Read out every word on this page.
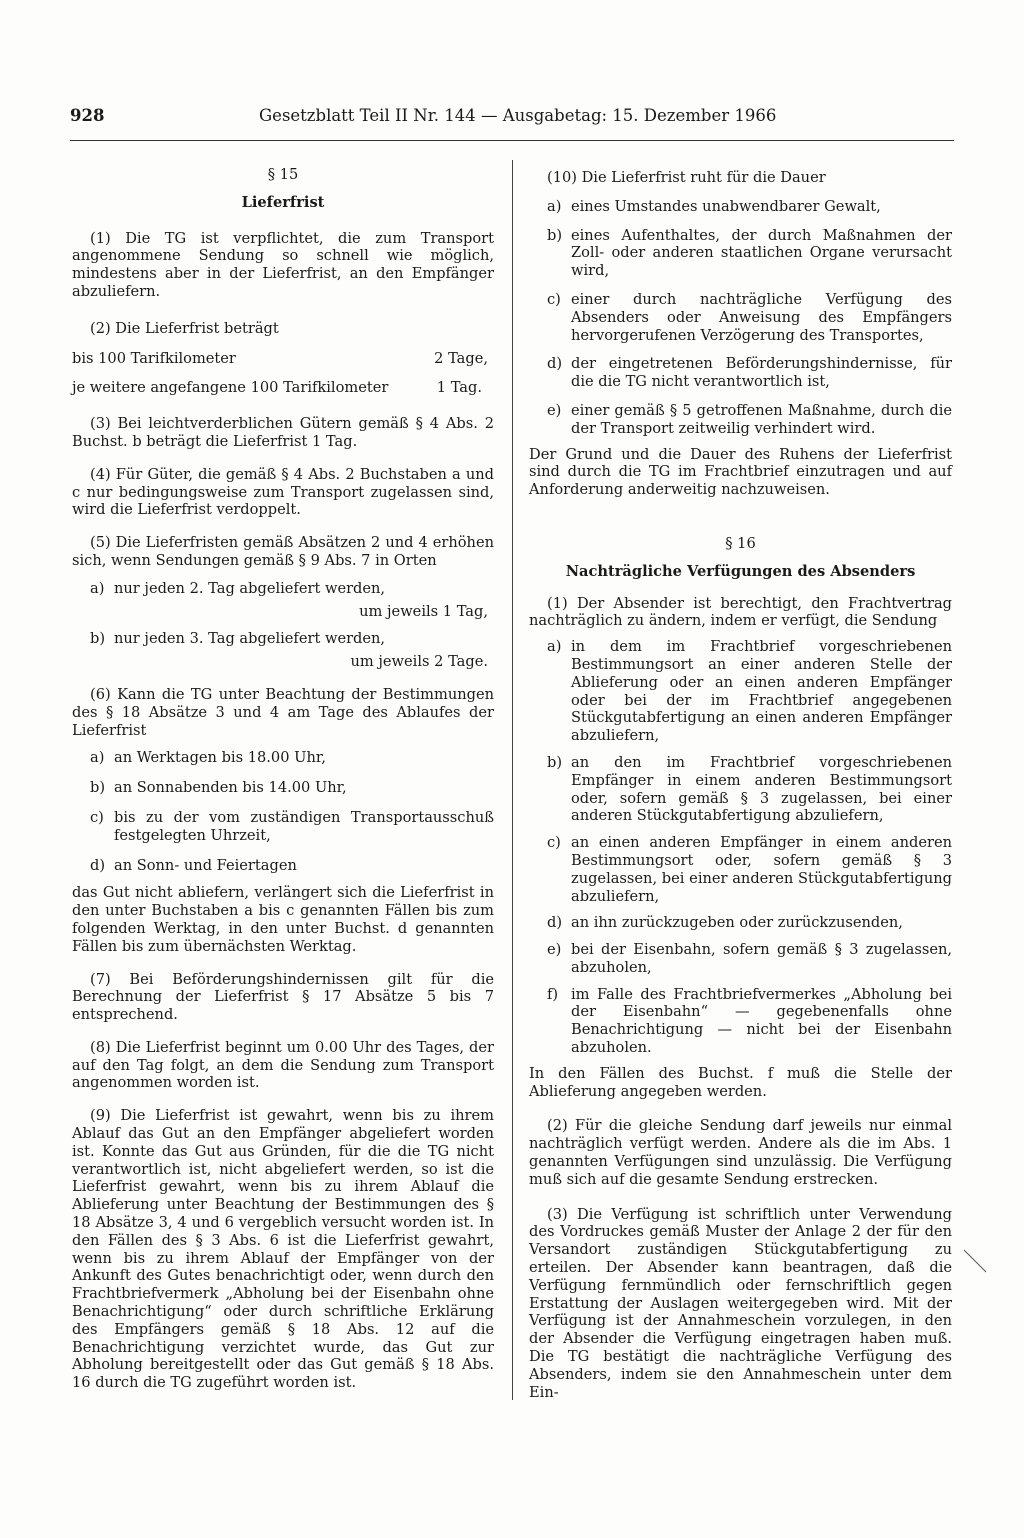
928	Gesetzblatt Teil II Nr. 144 — Ausgabetag: 15. Dezember 1966

§ 15

Lieferfrist

(1) Die TG ist verpflichtet, die zum Transport angenommene Sendung so schnell wie möglich, mindestens aber in der Lieferfrist, an den Empfänger abzuliefern.

(2) Die Lieferfrist beträgt

bis 100 Tarifkilometer	2 Tage,
je weitere angefangene 100 Tarifkilometer	1 Tag.

(3) Bei leichtverderblichen Gütern gemäß § 4 Abs. 2 Buchst. b beträgt die Lieferfrist 1 Tag.

(4) Für Güter, die gemäß § 4 Abs. 2 Buchstaben a und c nur bedingungsweise zum Transport zugelassen sind, wird die Lieferfrist verdoppelt.

(5) Die Lieferfristen gemäß Absätzen 2 und 4 erhöhen sich, wenn Sendungen gemäß § 9 Abs. 7 in Orten

a) nur jeden 2. Tag abgeliefert werden,

um jeweils 1 Tag,

b) nur jeden 3. Tag abgeliefert werden,

um jeweils 2 Tage.

(6) Kann die TG unter Beachtung der Bestimmungen des § 18 Absätze 3 und 4 am Tage des Ablaufes der Lieferfrist

a) an Werktagen bis 18.00 Uhr,
b) an Sonnabenden bis 14.00 Uhr,
c) bis zu der vom zuständigen Transportausschuß festgelegten Uhrzeit,
d) an Sonn- und Feiertagen

das Gut nicht abliefern, verlängert sich die Lieferfrist in den unter Buchstaben a bis c genannten Fällen bis zum folgenden Werktag, in den unter Buchst. d genannten Fällen bis zum übernächsten Werktag.

(7) Bei Beförderungshindernissen gilt für die Berechnung der Lieferfrist § 17 Absätze 5 bis 7 entsprechend.

(8) Die Lieferfrist beginnt um 0.00 Uhr des Tages, der auf den Tag folgt, an dem die Sendung zum Transport angenommen worden ist.

(9) Die Lieferfrist ist gewahrt, wenn bis zu ihrem Ablauf das Gut an den Empfänger abgeliefert worden ist. Konnte das Gut aus Gründen, für die die TG nicht verantwortlich ist, nicht abgeliefert werden, so ist die Lieferfrist gewahrt, wenn bis zu ihrem Ablauf die Ablieferung unter Beachtung der Bestimmungen des § 18 Absätze 3, 4 und 6 vergeblich versucht worden ist. In den Fällen des § 3 Abs. 6 ist die Lieferfrist gewahrt, wenn bis zu ihrem Ablauf der Empfänger von der Ankunft des Gutes benachrichtigt oder, wenn durch den Frachtbriefvermerk „Abholung bei der Eisenbahn ohne Benachrichtigung“ oder durch schriftliche Erklärung des Empfängers gemäß § 18 Abs. 12 auf die Benachrichtigung verzichtet wurde, das Gut zur Abholung bereitgestellt oder das Gut gemäß § 18 Abs. 16 durch die TG zugeführt worden ist.

(10) Die Lieferfrist ruht für die Dauer

a) eines Umstandes unabwendbarer Gewalt,
b) eines Aufenthaltes, der durch Maßnahmen der Zoll- oder anderen staatlichen Organe verursacht wird,
c) einer durch nachträgliche Verfügung des Absenders oder Anweisung des Empfängers hervorgerufenen Verzögerung des Transportes,
d) der eingetretenen Beförderungshindernisse, für die die TG nicht verantwortlich ist,
e) einer gemäß § 5 getroffenen Maßnahme, durch die der Transport zeitweilig verhindert wird.

Der Grund und die Dauer des Ruhens der Lieferfrist sind durch die TG im Frachtbrief einzutragen und auf Anforderung anderweitig nachzuweisen.

§ 16

Nachträgliche Verfügungen des Absenders

(1) Der Absender ist berechtigt, den Frachtvertrag nachträglich zu ändern, indem er verfügt, die Sendung

a) in dem im Frachtbrief vorgeschriebenen Bestimmungsort an einer anderen Stelle der Ablieferung oder an einen anderen Empfänger oder bei der im Frachtbrief angegebenen Stückgutabfertigung an einen anderen Empfänger abzuliefern,
b) an den im Frachtbrief vorgeschriebenen Empfänger in einem anderen Bestimmungsort oder, sofern gemäß § 3 zugelassen, bei einer anderen Stückgutabfertigung abzuliefern,
c) an einen anderen Empfänger in einem anderen Bestimmungsort oder, sofern gemäß § 3 zugelassen, bei einer anderen Stückgutabfertigung abzuliefern,
d) an ihn zurückzugeben oder zurückzusenden,
e) bei der Eisenbahn, sofern gemäß § 3 zugelassen, abzuholen,
f) im Falle des Frachtbriefvermerkes „Abholung bei der Eisenbahn“ — gegebenenfalls ohne Benachrichtigung — nicht bei der Eisenbahn abzuholen.

In den Fällen des Buchst. f muß die Stelle der Ablieferung angegeben werden.

(2) Für die gleiche Sendung darf jeweils nur einmal nachträglich verfügt werden. Andere als die im Abs. 1 genannten Verfügungen sind unzulässig. Die Verfügung muß sich auf die gesamte Sendung erstrecken.

(3) Die Verfügung ist schriftlich unter Verwendung des Vordruckes gemäß Muster der Anlage 2 der für den Versandort zuständigen Stückgutabfertigung zu erteilen. Der Absender kann beantragen, daß die Verfügung fernmündlich oder fernschriftlich gegen Erstattung der Auslagen weitergegeben wird. Mit der Verfügung ist der Annahmeschein vorzulegen, in den der Absender die Verfügung eingetragen haben muß. Die TG bestätigt die nachträgliche Verfügung des Absenders, indem sie den Annahmeschein unter dem Ein-
